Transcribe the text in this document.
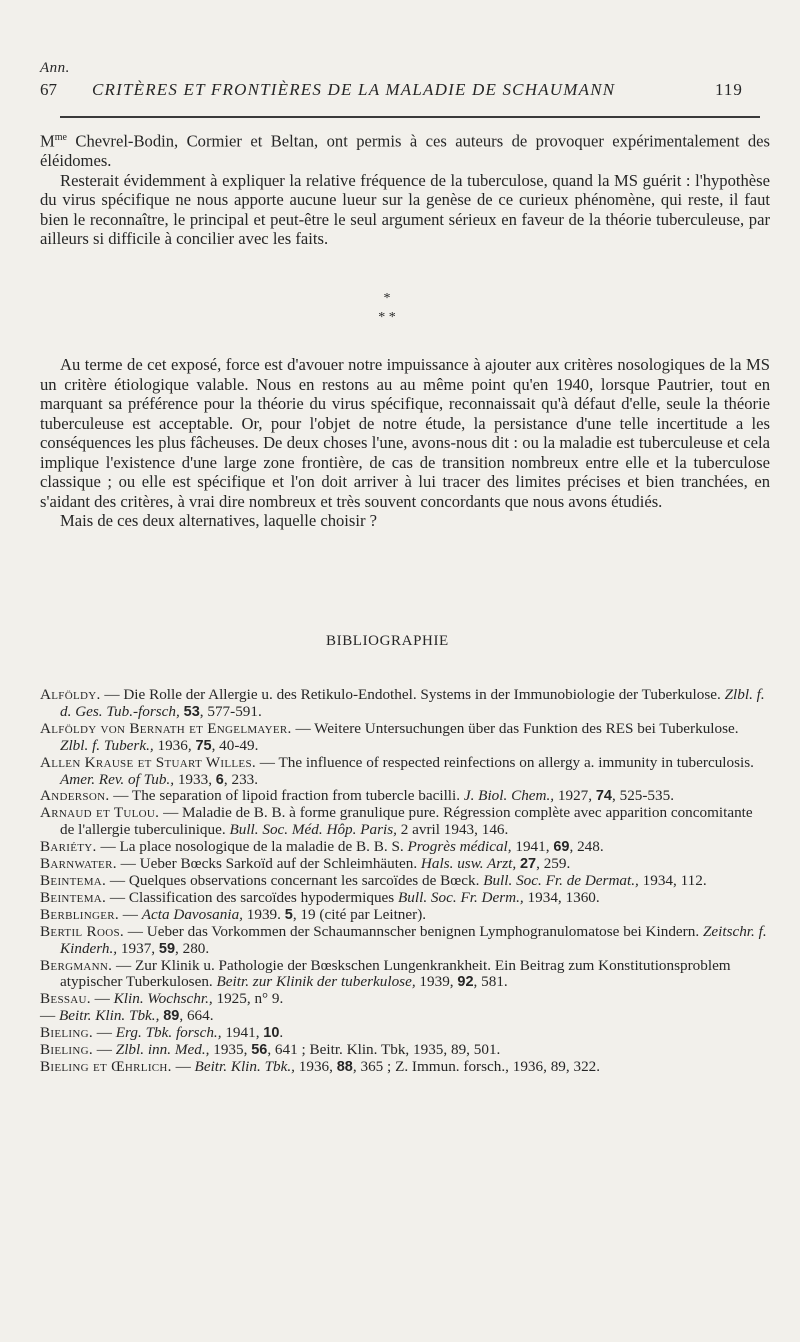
Ann.
67 CRITÈRES ET FRONTIÈRES DE LA MALADIE DE SCHAUMANN	119

$M^{me}$ Chevrel-Bodin, Cormier et Beltan, ont permis à ces auteurs de provoquer expérimentalement des éléidomes.

Resterait évidemment à expliquer la relative fréquence de la tuberculose, quand la MS guérit : l'hypothèse du virus spécifique ne nous apporte aucune lueur sur la genèse de ce curieux phénomène, qui reste, il faut bien le reconnaître, le principal et peut-être le seul argument sérieux en faveur de la théorie tuberculeuse, par ailleurs si difficile à concilier avec les faits.

*
* *

Au terme de cet exposé, force est d'avouer notre impuissance à ajouter aux critères nosologiques de la MS un critère étiologique valable. Nous en restons au au même point qu'en 1940, lorsque Pautrier, tout en marquant sa préférence pour la théorie du virus spécifique, reconnaissait qu'à défaut d'elle, seule la théorie tuberculeuse est acceptable. Or, pour l'objet de notre étude, la persistance d'une telle incertitude a les conséquences les plus fâcheuses. De deux choses l'une, avons-nous dit : ou la maladie est tuberculeuse et cela implique l'existence d'une large zone frontière, de cas de transition nombreux entre elle et la tuberculose classique ; ou elle est spécifique et l'on doit arriver à lui tracer des limites précises et bien tranchées, en s'aidant des critères, à vrai dire nombreux et très souvent concordants que nous avons étudiés.

Mais de ces deux alternatives, laquelle choisir ?

BIBLIOGRAPHIE

Alföldy. — Die Rolle der Allergie u. des Retikulo-Endothel. Systems in der Immunobiologie der Tuberkulose. Zlbl. f. d. Ges. Tub.-forsch, 53, 577-591.

Alföldy von Bernath et Engelmayer. — Weitere Untersuchungen über das Funktion des RES bei Tuberkulose. Zlbl. f. Tuberk., 1936, 75, 40-49.

Allen Krause et Stuart Willes. — The influence of respected reinfections on allergy a. immunity in tuberculosis. Amer. Rev. of Tub., 1933, 6, 233.

Anderson. — The separation of lipoid fraction from tubercle bacilli. J. Biol. Chem., 1927, 74, 525-535.

Arnaud et Tulou. — Maladie de B. B. à forme granulique pure. Régression complète avec apparition concomitante de l'allergie tuberculinique. Bull. Soc. Méd. Hôp. Paris, 2 avril 1943, 146.

Bariéty. — La place nosologique de la maladie de B. B. S. Progrès médical, 1941, 69, 248.

Barnwater. — Ueber Bœcks Sarkoïd auf der Schleimhäuten. Hals. usw. Arzt, 27, 259.

Beintema. — Quelques observations concernant les sarcoïdes de Bœck. Bull. Soc. Fr. de Dermat., 1934, 112.

Beintema. — Classification des sarcoïdes hypodermiques Bull. Soc. Fr. Derm., 1934, 1360.

Berblinger. — Acta Davosania, 1939. 5, 19 (cité par Leitner).

Bertil Roos. — Ueber das Vorkommen der Schaumannscher benignen Lymphogranulomatose bei Kindern. Zeitschr. f. Kinderh., 1937, 59, 280.

Bergmann. — Zur Klinik u. Pathologie der Bœskschen Lungenkrankheit. Ein Beitrag zum Konstitutionsproblem atypischer Tuberkulosen. Beitr. zur Klinik der tuberkulose, 1939, 92, 581.

Bessau. — Klin. Wochschr., 1925, n° 9.

— Beitr. Klin. Tbk., 89, 664.

Bieling. — Erg. Tbk. forsch., 1941, 10.

Bieling. — Zlbl. inn. Med., 1935, 56, 641 ; Beitr. Klin. Tbk, 1935, 89, 501.

Bieling et Œhrlich. — Beitr. Klin. Tbk., 1936, 88, 365 ; Z. Immun. forsch., 1936, 89, 322.
